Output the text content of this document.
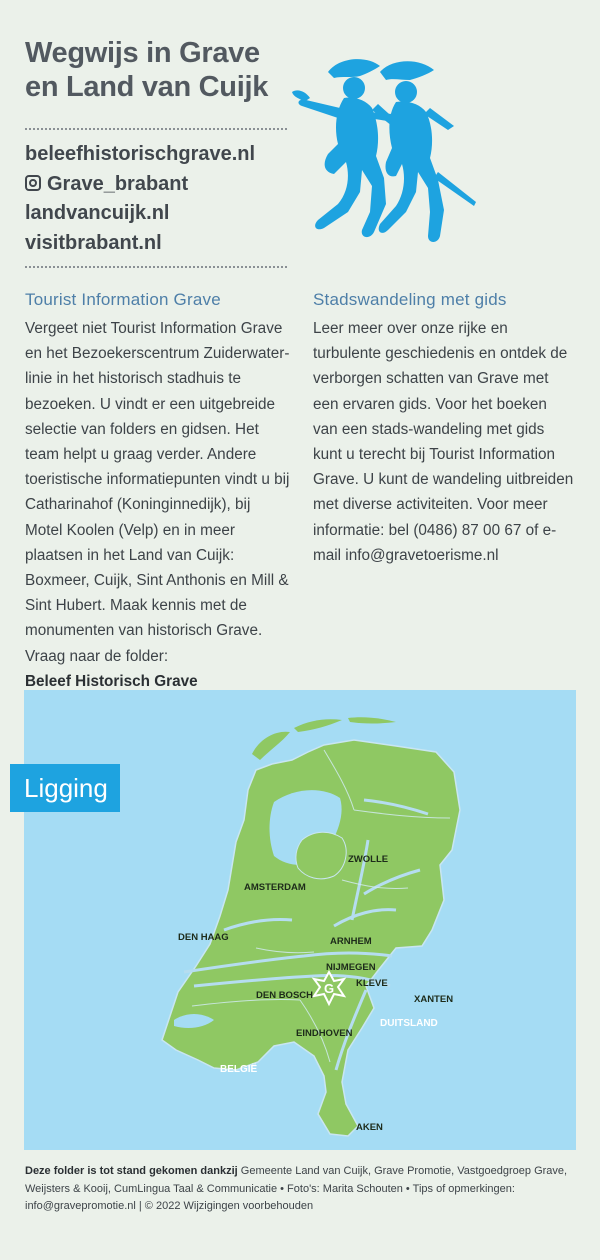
Wegwijs in Grave
en Land van Cuijk
beleefhistorischgrave.nl
Grave_brabant
landvancuijk.nl
visitbrabant.nl
Tourist Information Grave

Vergeet niet Tourist Information Grave en het Bezoekerscentrum Zuiderwater-linie in het historisch stadhuis te bezoeken. U vindt er een uitgebreide selectie van folders en gidsen. Het team helpt u graag verder. Andere toeristische informatiepunten vindt u bij Catharinahof (Koninginnedijk), bij Motel Koolen (Velp) en in meer plaatsen in het Land van Cuijk: Boxmeer, Cuijk, Sint Anthonis en Mill & Sint Hubert. Maak kennis met de monumenten van historisch Grave. Vraag naar de folder:
Beleef Historisch Grave

Stadswandeling met gids

Leer meer over onze rijke en turbulente geschiedenis en ontdek de verborgen schatten van Grave met een ervaren gids. Voor het boeken van een stads-wandeling met gids kunt u terecht bij Tourist Information Grave. U kunt de wandeling uitbreiden met diverse activiteiten. Voor meer informatie: bel (0486) 87 00 67 of e-mail info@gravetoerisme.nl

Ligging
G
ZWOLLE
AMSTERDAM
DEN HAAG	ARNHEM
NIJMEGEN
KLEVE
DEN BOSCH	XANTEN
EINDHOVEN
AKEN
DUITSLAND
BELGIË
Deze folder is tot stand gekomen dankzij Gemeente Land van Cuijk, Grave Promotie, Vastgoedgroep Grave, Weijsters & Kooij, CumLingua Taal & Communicatie • Foto's: Marita Schouten • Tips of opmerkingen: info@gravepromotie.nl | © 2022 Wijzigingen voorbehouden
